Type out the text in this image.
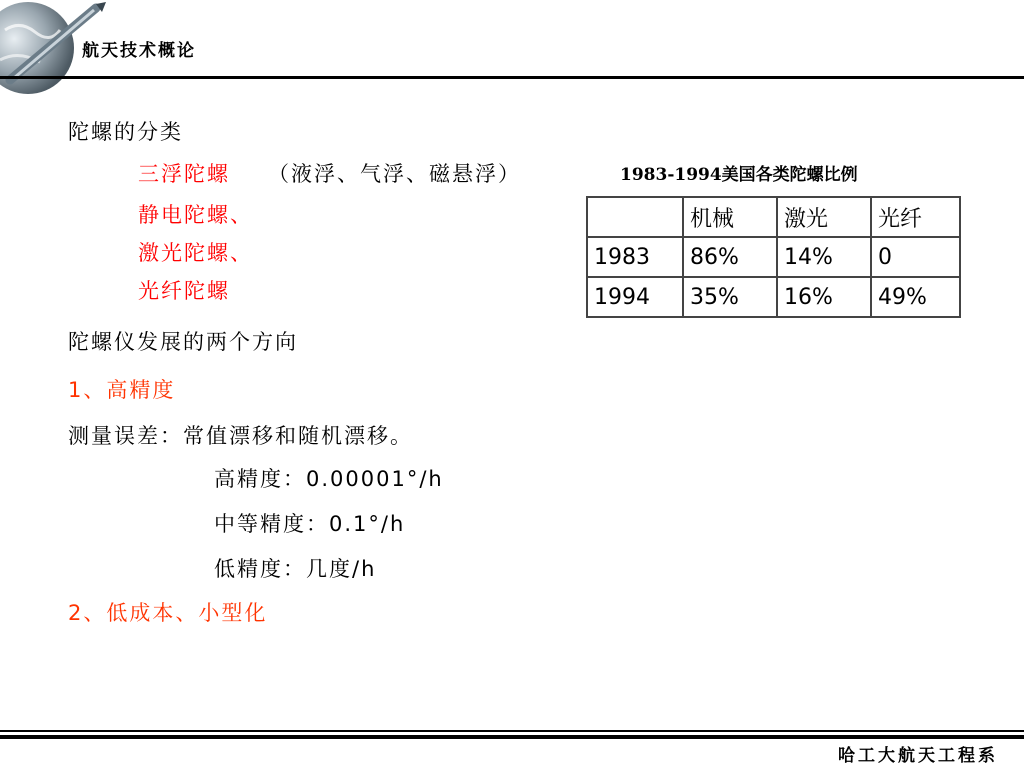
航天技术概论
陀螺的分类
三浮陀螺 （液浮、气浮、磁悬浮）
静电陀螺、
激光陀螺、
光纤陀螺
1983-1994美国各类陀螺比例
	机械	激光	光纤
1983	86%	14%	0
1994	35%	16%	49%
陀螺仪发展的两个方向
1、高精度
测量误差：常值漂移和随机漂移。
高精度：0.00001°/h
中等精度：0.1°/h
低精度：几度/h
2、低成本、小型化
哈工大航天工程系
